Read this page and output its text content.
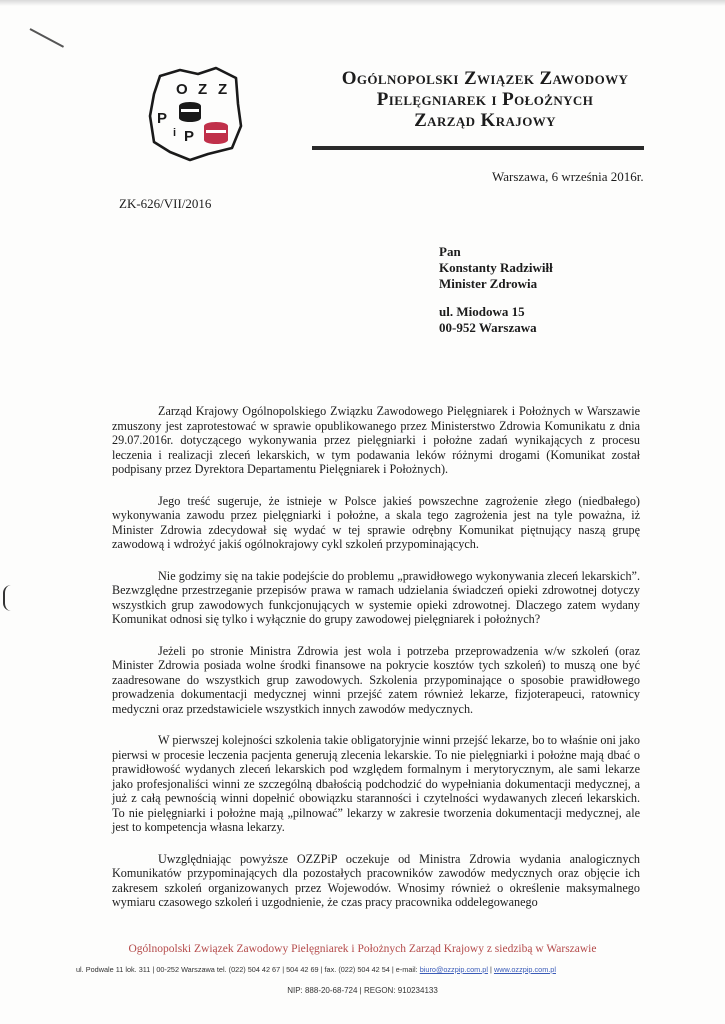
O Z Z
P
i P
Ogólnopolski Związek Zawodowy
Pielęgniarek i Położnych
Zarząd Krajowy
Warszawa, 6 września 2016r.
ZK-626/VII/2016
Pan
Konstanty Radziwiłł
Minister Zdrowia
ul. Miodowa 15
00-952 Warszawa

Zarząd Krajowy Ogólnopolskiego Związku Zawodowego Pielęgniarek i Położnych w Warszawie zmuszony jest zaprotestować w sprawie opublikowanego przez Ministerstwo Zdrowia Komunikatu z dnia 29.07.2016r. dotyczącego wykonywania przez pielęgniarki i położne zadań wynikających z procesu leczenia i realizacji zleceń lekarskich, w tym podawania leków różnymi drogami (Komunikat został podpisany przez Dyrektora Departamentu Pielęgniarek i Położnych).

Jego treść sugeruje, że istnieje w Polsce jakieś powszechne zagrożenie złego (niedbałego) wykonywania zawodu przez pielęgniarki i położne, a skala tego zagrożenia jest na tyle poważna, iż Minister Zdrowia zdecydował się wydać w tej sprawie odrębny Komunikat piętnujący naszą grupę zawodową i wdrożyć jakiś ogólnokrajowy cykl szkoleń przypominających.

Nie godzimy się na takie podejście do problemu „prawidłowego wykonywania zleceń lekarskich”. Bezwzględne przestrzeganie przepisów prawa w ramach udzielania świadczeń opieki zdrowotnej dotyczy wszystkich grup zawodowych funkcjonujących w systemie opieki zdrowotnej. Dlaczego zatem wydany Komunikat odnosi się tylko i wyłącznie do grupy zawodowej pielęgniarek i położnych?

Jeżeli po stronie Ministra Zdrowia jest wola i potrzeba przeprowadzenia w/w szkoleń (oraz Minister Zdrowia posiada wolne środki finansowe na pokrycie kosztów tych szkoleń) to muszą one być zaadresowane do wszystkich grup zawodowych. Szkolenia przypominające o sposobie prawidłowego prowadzenia dokumentacji medycznej winni przejść zatem również lekarze, fizjoterapeuci, ratownicy medyczni oraz przedstawiciele wszystkich innych zawodów medycznych.

W pierwszej kolejności szkolenia takie obligatoryjnie winni przejść lekarze, bo to właśnie oni jako pierwsi w procesie leczenia pacjenta generują zlecenia lekarskie. To nie pielęgniarki i położne mają dbać o prawidłowość wydanych zleceń lekarskich pod względem formalnym i merytorycznym, ale sami lekarze jako profesjonaliści winni ze szczególną dbałością podchodzić do wypełniania dokumentacji medycznej, a już z całą pewnością winni dopełnić obowiązku staranności i czytelności wydawanych zleceń lekarskich. To nie pielęgniarki i położne mają „pilnować” lekarzy w zakresie tworzenia dokumentacji medycznej, ale jest to kompetencja własna lekarzy.

Uwzględniając powyższe OZZPiP oczekuje od Ministra Zdrowia wydania analogicznych Komunikatów przypominających dla pozostałych pracowników zawodów medycznych oraz objęcie ich zakresem szkoleń organizowanych przez Wojewodów. Wnosimy również o określenie maksymalnego wymiaru czasowego szkoleń i uzgodnienie, że czas pracy pracownika oddelegowanego

Ogólnopolski Związek Zawodowy Pielęgniarek i Położnych Zarząd Krajowy z siedzibą w Warszawie
ul. Podwale 11 lok. 311 | 00-252 Warszawa tel. (022) 504 42 67 | 504 42 69 | fax. (022) 504 42 54 | e-mail: biuro@ozzpip.com.pl | www.ozzpip.com.pl
NIP: 888-20-68-724 | REGON: 910234133
